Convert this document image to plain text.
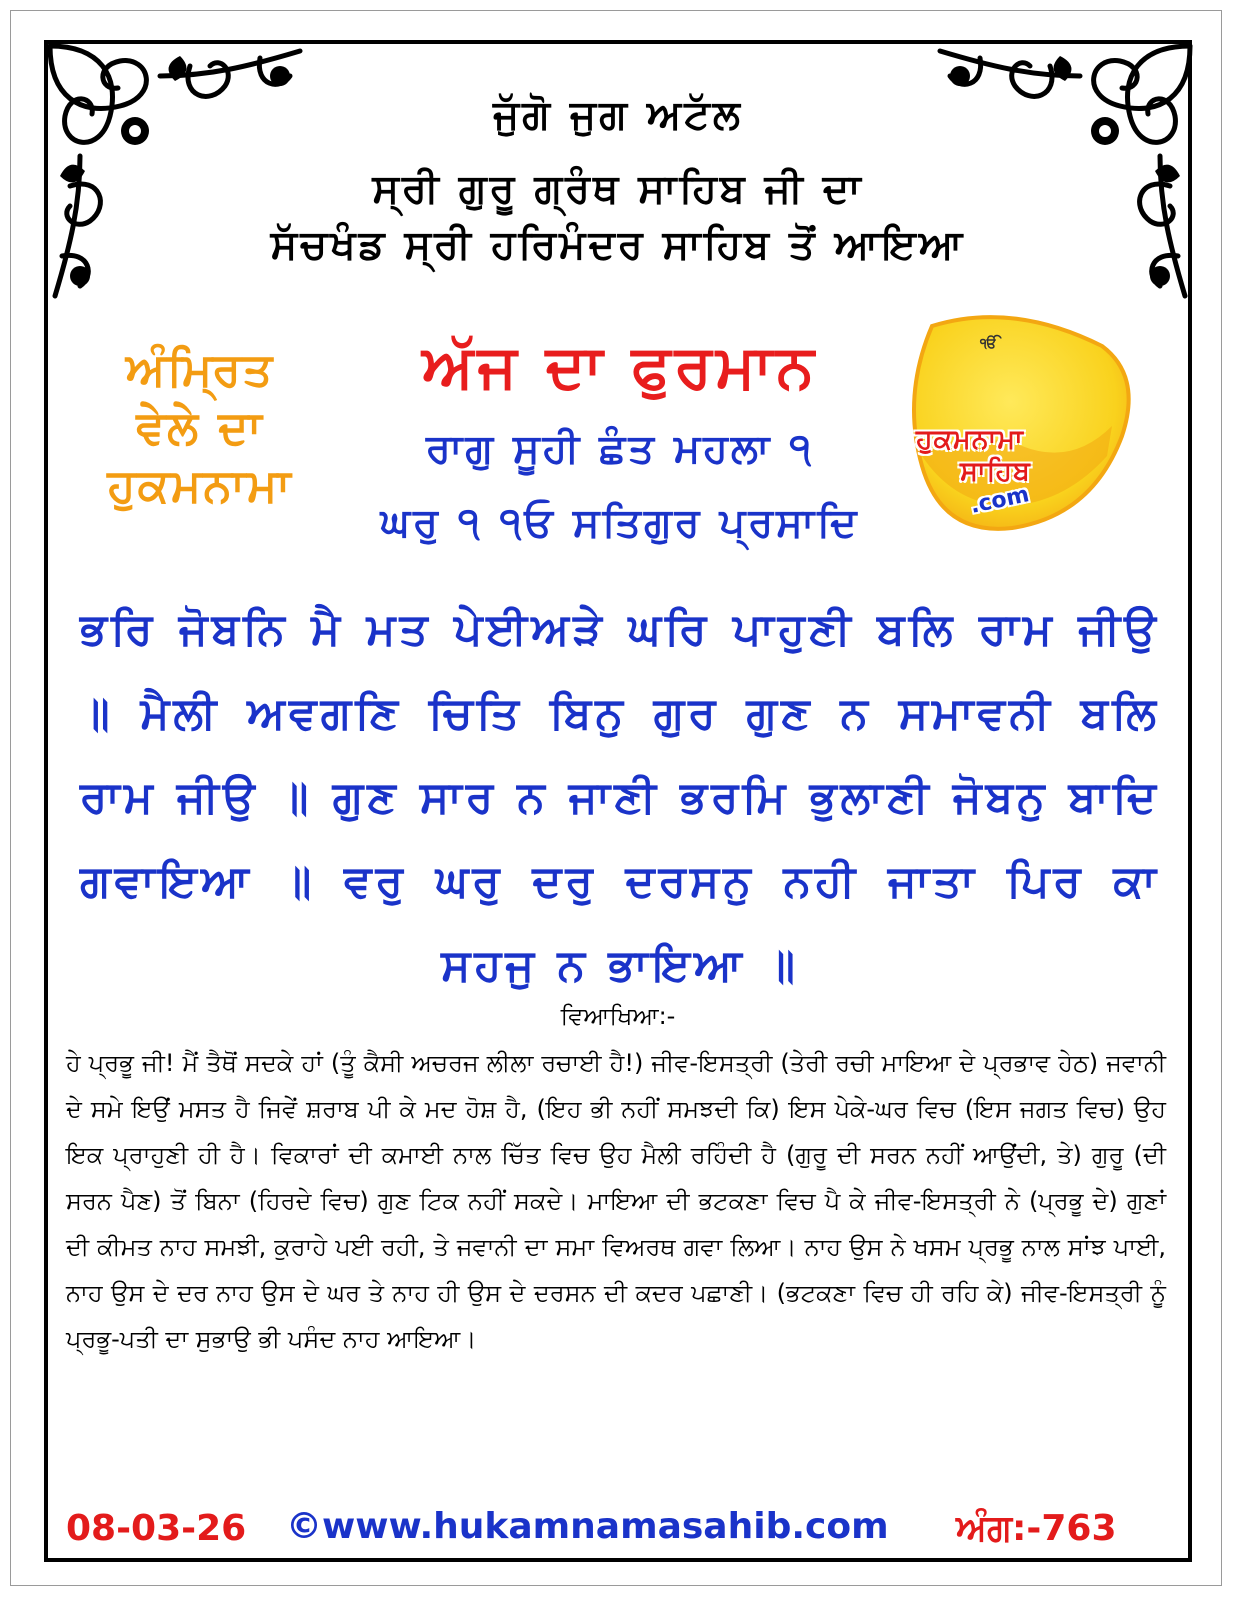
ਜੁੱਗੋ ਜੁਗ ਅਟੱਲ
ਸ੍ਰੀ ਗੁਰੂ ਗ੍ਰੰਥ ਸਾਹਿਬ ਜੀ ਦਾ
ਸੱਚਖੰਡ ਸ੍ਰੀ ਹਰਿਮੰਦਰ ਸਾਹਿਬ ਤੋਂ ਆਇਆ
ਅੰਮ੍ਰਿਤ
ਵੇਲੇ ਦਾ
ਹੁਕਮਨਾਮਾ
ਅੱਜ ਦਾ ਫੁਰਮਾਨ
ਰਾਗੁ ਸੂਹੀ ਛੰਤ ਮਹਲਾ ੧
ਘਰੁ ੧ ੧ਓ ਸਤਿਗੁਰ ਪ੍ਰਸਾਦਿ
ੴ
ਹੁਕਮਨਾਮਾ
ਸਾਹਿਬ
.com
ਭਰਿ ਜੋਬਨਿ ਮੈ ਮਤ ਪੇਈਅੜੇ ਘਰਿ ਪਾਹੁਣੀ ਬਲਿ ਰਾਮ ਜੀਉ ॥ ਮੈਲੀ ਅਵਗਣਿ ਚਿਤਿ ਬਿਨੁ ਗੁਰ ਗੁਣ ਨ ਸਮਾਵਨੀ ਬਲਿ ਰਾਮ ਜੀਉ ॥ ਗੁਣ ਸਾਰ ਨ ਜਾਣੀ ਭਰਮਿ ਭੁਲਾਣੀ ਜੋਬਨੁ ਬਾਦਿ ਗਵਾਇਆ ॥ ਵਰੁ ਘਰੁ ਦਰੁ ਦਰਸਨੁ ਨਹੀ ਜਾਤਾ ਪਿਰ ਕਾ ਸਹਜੁ ਨ ਭਾਇਆ ॥
ਵਿਆਖਿਆ:-
ਹੇ ਪ੍ਰਭੂ ਜੀ! ਮੈਂ ਤੈਥੋਂ ਸਦਕੇ ਹਾਂ (ਤੂੰ ਕੈਸੀ ਅਚਰਜ ਲੀਲਾ ਰਚਾਈ ਹੈ!) ਜੀਵ-ਇਸਤ੍ਰੀ (ਤੇਰੀ ਰਚੀ ਮਾਇਆ ਦੇ ਪ੍ਰਭਾਵ ਹੇਠ) ਜਵਾਨੀ ਦੇ ਸਮੇ ਇਉਂ ਮਸਤ ਹੈ ਜਿਵੇਂ ਸ਼ਰਾਬ ਪੀ ਕੇ ਮਦ ਹੋਸ਼ ਹੈ, (ਇਹ ਭੀ ਨਹੀਂ ਸਮਝਦੀ ਕਿ) ਇਸ ਪੇਕੇ-ਘਰ ਵਿਚ (ਇਸ ਜਗਤ ਵਿਚ) ਉਹ ਇਕ ਪ੍ਰਾਹੁਣੀ ਹੀ ਹੈ। ਵਿਕਾਰਾਂ ਦੀ ਕਮਾਈ ਨਾਲ ਚਿੱਤ ਵਿਚ ਉਹ ਮੈਲੀ ਰਹਿੰਦੀ ਹੈ (ਗੁਰੂ ਦੀ ਸਰਨ ਨਹੀਂ ਆਉਂਦੀ, ਤੇ) ਗੁਰੂ (ਦੀ ਸਰਨ ਪੈਣ) ਤੋਂ ਬਿਨਾ (ਹਿਰਦੇ ਵਿਚ) ਗੁਣ ਟਿਕ ਨਹੀਂ ਸਕਦੇ। ਮਾਇਆ ਦੀ ਭਟਕਣਾ ਵਿਚ ਪੈ ਕੇ ਜੀਵ-ਇਸਤ੍ਰੀ ਨੇ (ਪ੍ਰਭੂ ਦੇ) ਗੁਣਾਂ ਦੀ ਕੀਮਤ ਨਾਹ ਸਮਝੀ, ਕੁਰਾਹੇ ਪਈ ਰਹੀ, ਤੇ ਜਵਾਨੀ ਦਾ ਸਮਾ ਵਿਅਰਥ ਗਵਾ ਲਿਆ। ਨਾਹ ਉਸ ਨੇ ਖਸਮ ਪ੍ਰਭੂ ਨਾਲ ਸਾਂਝ ਪਾਈ, ਨਾਹ ਉਸ ਦੇ ਦਰ ਨਾਹ ਉਸ ਦੇ ਘਰ ਤੇ ਨਾਹ ਹੀ ਉਸ ਦੇ ਦਰਸਨ ਦੀ ਕਦਰ ਪਛਾਣੀ। (ਭਟਕਣਾ ਵਿਚ ਹੀ ਰਹਿ ਕੇ) ਜੀਵ-ਇਸਤ੍ਰੀ ਨੂੰ ਪ੍ਰਭੂ-ਪਤੀ ਦਾ ਸੁਭਾਉ ਭੀ ਪਸੰਦ ਨਾਹ ਆਇਆ।
08-03-26 ©www.hukamnamasahib.com ਅੰਗ:-763
